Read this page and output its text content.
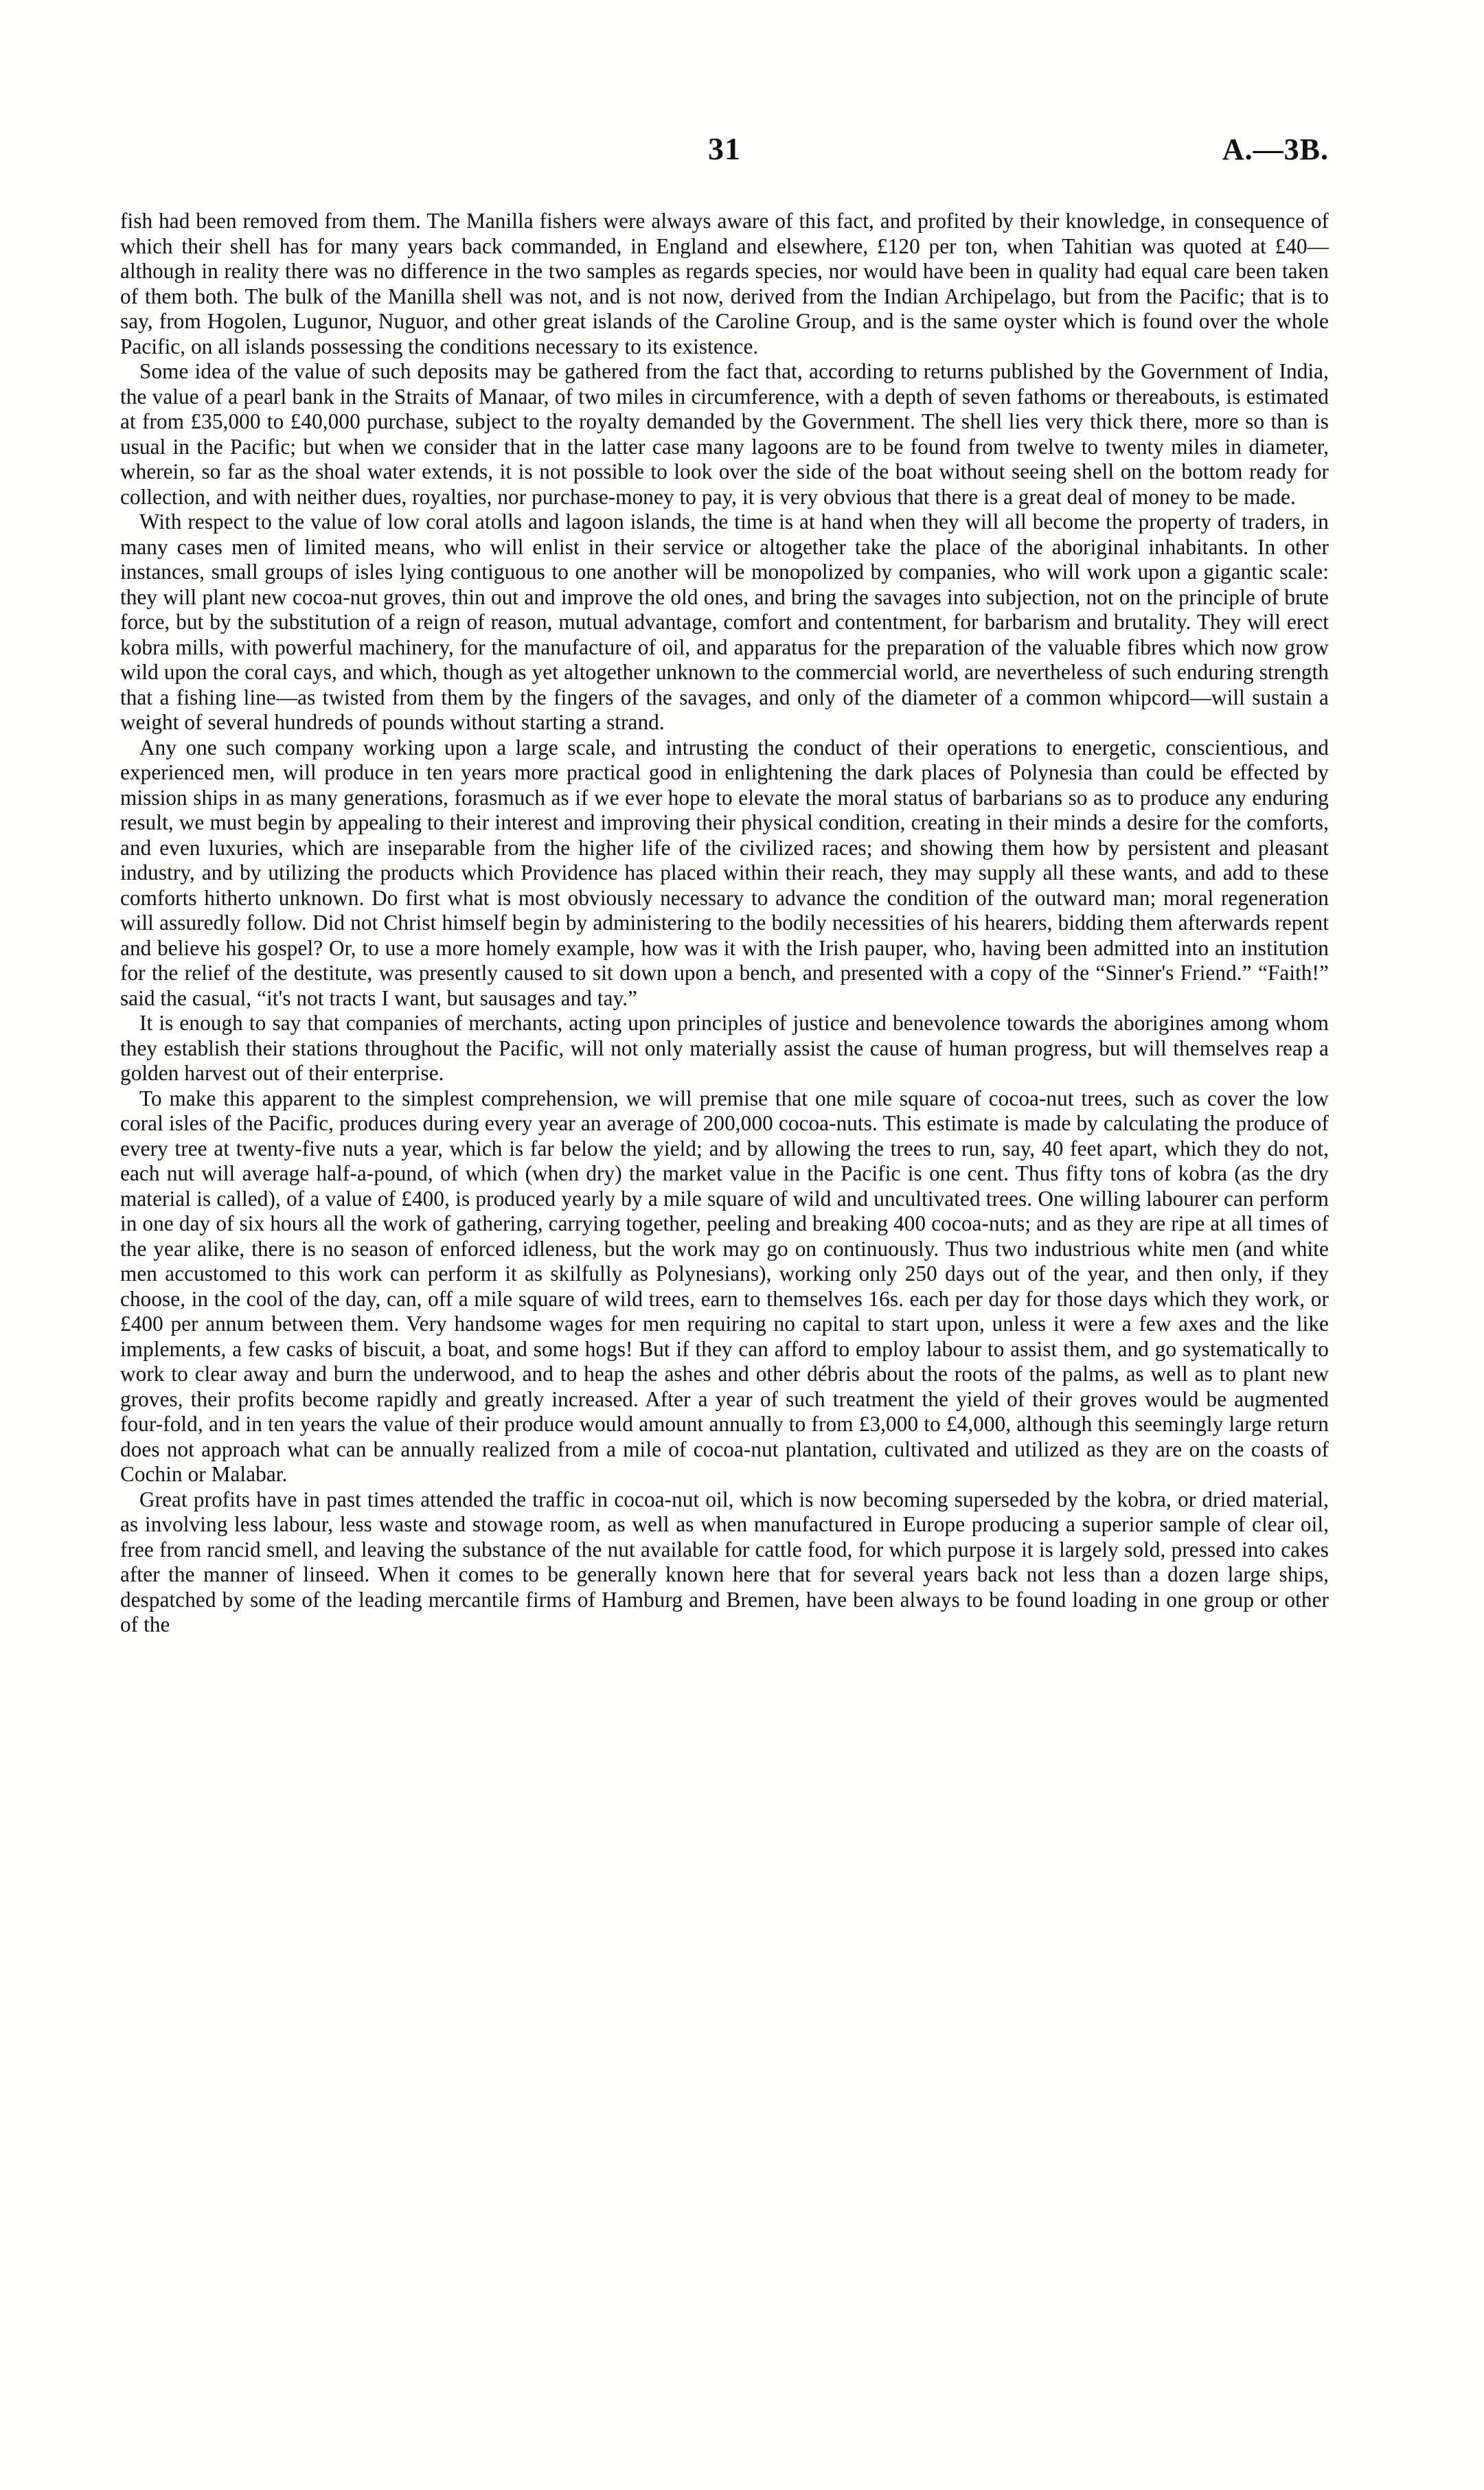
31	A.—3B.

fish had been removed from them. The Manilla fishers were always aware of this fact, and profited by their knowledge, in consequence of which their shell has for many years back commanded, in England and elsewhere, £120 per ton, when Tahitian was quoted at £40—although in reality there was no difference in the two samples as regards species, nor would have been in quality had equal care been taken of them both. The bulk of the Manilla shell was not, and is not now, derived from the Indian Archipelago, but from the Pacific; that is to say, from Hogolen, Lugunor, Nuguor, and other great islands of the Caroline Group, and is the same oyster which is found over the whole Pacific, on all islands possessing the conditions necessary to its existence.

Some idea of the value of such deposits may be gathered from the fact that, according to returns published by the Government of India, the value of a pearl bank in the Straits of Manaar, of two miles in circumference, with a depth of seven fathoms or thereabouts, is estimated at from £35,000 to £40,000 purchase, subject to the royalty demanded by the Government. The shell lies very thick there, more so than is usual in the Pacific; but when we consider that in the latter case many lagoons are to be found from twelve to twenty miles in diameter, wherein, so far as the shoal water extends, it is not possible to look over the side of the boat without seeing shell on the bottom ready for collection, and with neither dues, royalties, nor purchase-money to pay, it is very obvious that there is a great deal of money to be made.

With respect to the value of low coral atolls and lagoon islands, the time is at hand when they will all become the property of traders, in many cases men of limited means, who will enlist in their service or altogether take the place of the aboriginal inhabitants. In other instances, small groups of isles lying contiguous to one another will be monopolized by companies, who will work upon a gigantic scale: they will plant new cocoa-nut groves, thin out and improve the old ones, and bring the savages into subjection, not on the principle of brute force, but by the substitution of a reign of reason, mutual advantage, comfort and contentment, for barbarism and brutality. They will erect kobra mills, with powerful machinery, for the manufacture of oil, and apparatus for the preparation of the valuable fibres which now grow wild upon the coral cays, and which, though as yet altogether unknown to the commercial world, are nevertheless of such enduring strength that a fishing line—as twisted from them by the fingers of the savages, and only of the diameter of a common whipcord—will sustain a weight of several hundreds of pounds without starting a strand.

Any one such company working upon a large scale, and intrusting the conduct of their operations to energetic, conscientious, and experienced men, will produce in ten years more practical good in enlightening the dark places of Polynesia than could be effected by mission ships in as many generations, forasmuch as if we ever hope to elevate the moral status of barbarians so as to produce any enduring result, we must begin by appealing to their interest and improving their physical condition, creating in their minds a desire for the comforts, and even luxuries, which are inseparable from the higher life of the civilized races; and showing them how by persistent and pleasant industry, and by utilizing the products which Providence has placed within their reach, they may supply all these wants, and add to these comforts hitherto unknown. Do first what is most obviously necessary to advance the condition of the outward man; moral regeneration will assuredly follow. Did not Christ himself begin by administering to the bodily necessities of his hearers, bidding them afterwards repent and believe his gospel? Or, to use a more homely example, how was it with the Irish pauper, who, having been admitted into an institution for the relief of the destitute, was presently caused to sit down upon a bench, and presented with a copy of the “Sinner's Friend.” “Faith!” said the casual, “it's not tracts I want, but sausages and tay.”

It is enough to say that companies of merchants, acting upon principles of justice and benevolence towards the aborigines among whom they establish their stations throughout the Pacific, will not only materially assist the cause of human progress, but will themselves reap a golden harvest out of their enterprise.

To make this apparent to the simplest comprehension, we will premise that one mile square of cocoa-nut trees, such as cover the low coral isles of the Pacific, produces during every year an average of 200,000 cocoa-nuts. This estimate is made by calculating the produce of every tree at twenty-five nuts a year, which is far below the yield; and by allowing the trees to run, say, 40 feet apart, which they do not, each nut will average half-a-pound, of which (when dry) the market value in the Pacific is one cent. Thus fifty tons of kobra (as the dry material is called), of a value of £400, is produced yearly by a mile square of wild and uncultivated trees. One willing labourer can perform in one day of six hours all the work of gathering, carrying together, peeling and breaking 400 cocoa-nuts; and as they are ripe at all times of the year alike, there is no season of enforced idleness, but the work may go on continuously. Thus two industrious white men (and white men accustomed to this work can perform it as skilfully as Polynesians), working only 250 days out of the year, and then only, if they choose, in the cool of the day, can, off a mile square of wild trees, earn to themselves 16s. each per day for those days which they work, or £400 per annum between them. Very handsome wages for men requiring no capital to start upon, unless it were a few axes and the like implements, a few casks of biscuit, a boat, and some hogs! But if they can afford to employ labour to assist them, and go systematically to work to clear away and burn the underwood, and to heap the ashes and other débris about the roots of the palms, as well as to plant new groves, their profits become rapidly and greatly increased. After a year of such treatment the yield of their groves would be augmented four-fold, and in ten years the value of their produce would amount annually to from £3,000 to £4,000, although this seemingly large return does not approach what can be annually realized from a mile of cocoa-nut plantation, cultivated and utilized as they are on the coasts of Cochin or Malabar.

Great profits have in past times attended the traffic in cocoa-nut oil, which is now becoming superseded by the kobra, or dried material, as involving less labour, less waste and stowage room, as well as when manufactured in Europe producing a superior sample of clear oil, free from rancid smell, and leaving the substance of the nut available for cattle food, for which purpose it is largely sold, pressed into cakes after the manner of linseed. When it comes to be generally known here that for several years back not less than a dozen large ships, despatched by some of the leading mercantile firms of Hamburg and Bremen, have been always to be found loading in one group or other of the
